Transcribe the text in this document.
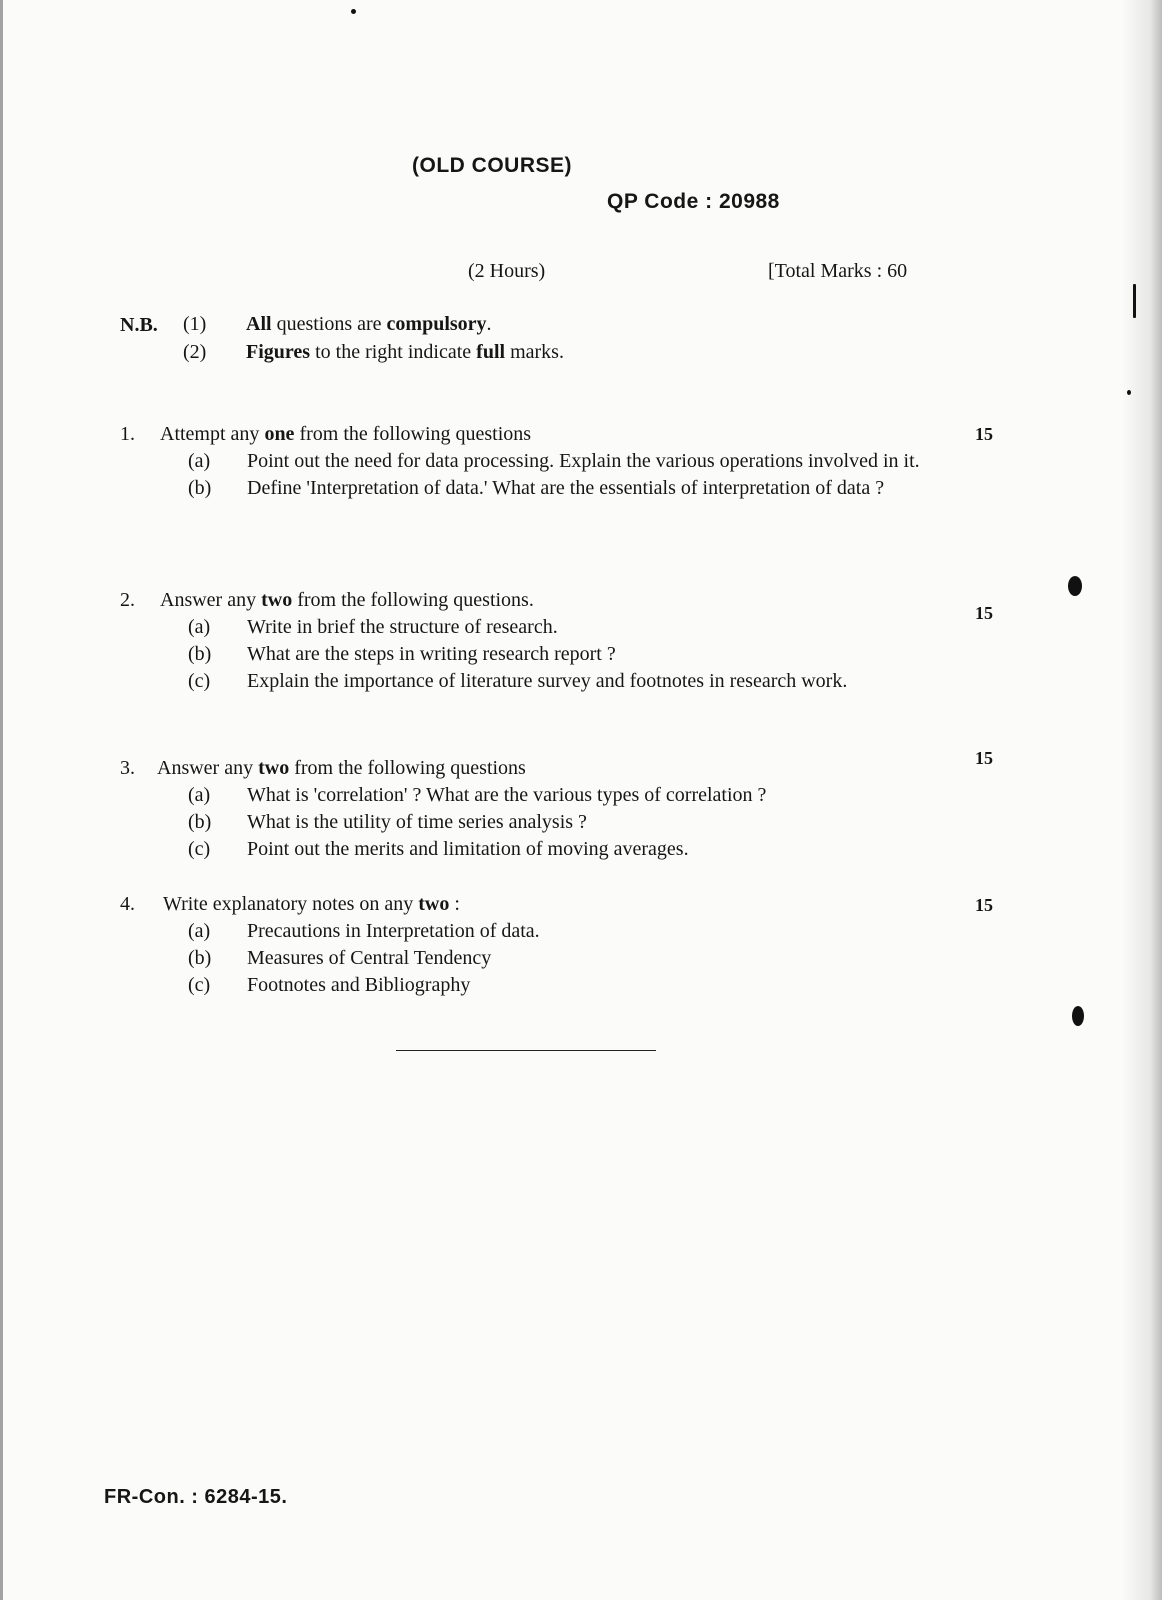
(OLD COURSE)

QP Code : 20988

(2 Hours)	[Total Marks : 60

N.B. (1)	All questions are compulsory.
(2)	Figures to the right indicate full marks.
1. Attempt any one from the following questions
(a) Point out the need for data processing. Explain the various operations involved in it.
(b) Define 'Interpretation of data.' What are the essentials of interpretation of data ?

15

2. Answer any two from the following questions.
(a) Write in brief the structure of research.
(b) What are the steps in writing research report ?
(c) Explain the importance of literature survey and footnotes in research work.

15

3. Answer any two from the following questions
(a) What is 'correlation' ? What are the various types of correlation ?
(b) What is the utility of time series analysis ?
(c) Point out the merits and limitation of moving averages.

15

4. Write explanatory notes on any two :
(a) Precautions in Interpretation of data.
(b) Measures of Central Tendency
(c) Footnotes and Bibliography

15

FR-Con. : 6284-15.
